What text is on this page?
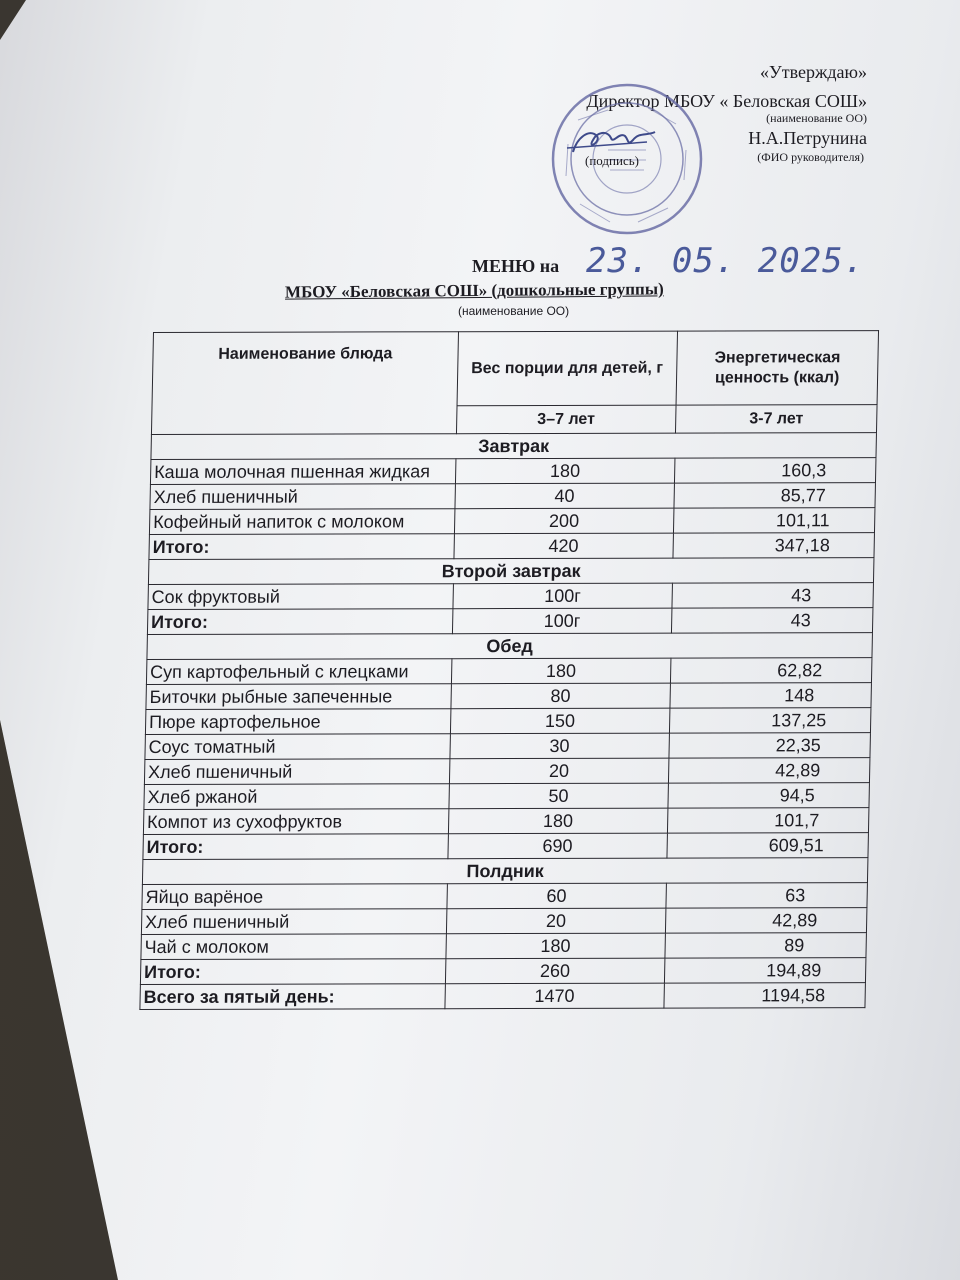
«Утверждаю»
Директор МБОУ « Беловская СОШ»
(наименование ОО)
Н.А.Петрунина
(ФИО руководителя)
(подпись)
МЕНЮ на 23. 05. 2025.
МБОУ «Беловская СОШ» (дошкольные группы)
(наименование ОО)
Наименование блюда	Вес порции для детей, г	Энергетическая ценность (ккал)
	3–7 лет	3-7 лет
Завтрак		
Каша молочная пшенная жидкая	180	160,3
Хлеб пшеничный	40	85,77
Кофейный напиток с молоком	200	101,11
Итого:	420	347,18
Второй завтрак		
Сок фруктовый	100г	43
Итого:	100г	43
Обед		
Суп картофельный с клецками	180	62,82
Биточки рыбные запеченные	80	148
Пюре картофельное	150	137,25
Соус томатный	30	22,35
Хлеб пшеничный	20	42,89
Хлеб ржаной	50	94,5
Компот из сухофруктов	180	101,7
Итого:	690	609,51
Полдник		
Яйцо варёное	60	63
Хлеб пшеничный	20	42,89
Чай с молоком	180	89
Итого:	260	194,89
Всего за пятый день:	1470	1194,58
